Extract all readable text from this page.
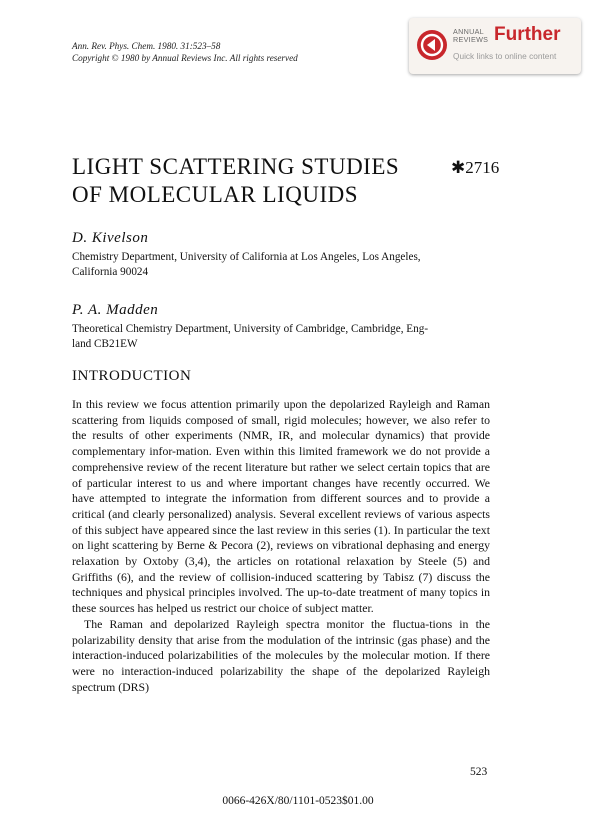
Ann. Rev. Phys. Chem. 1980. 31:523–58
Copyright © 1980 by Annual Reviews Inc. All rights reserved
ANNUAL
REVIEWS Further
Quick links to online content
LIGHT SCATTERING STUDIES
OF MOLECULAR LIQUIDS
✱2716
D. Kivelson
Chemistry Department, University of California at Los Angeles, Los Angeles,
California 90024
P. A. Madden
Theoretical Chemistry Department, University of Cambridge, Cambridge, Eng-
land CB21EW
INTRODUCTION

In this review we focus attention primarily upon the depolarized Rayleigh and Raman scattering from liquids composed of small, rigid molecules; however, we also refer to the results of other experiments (NMR, IR, and molecular dynamics) that provide complementary infor-mation. Even within this limited framework we do not provide a comprehensive review of the recent literature but rather we select certain topics that are of particular interest to us and where important changes have recently occurred. We have attempted to integrate the information from different sources and to provide a critical (and clearly personalized) analysis. Several excellent reviews of various aspects of this subject have appeared since the last review in this series (1). In particular the text on light scattering by Berne & Pecora (2), reviews on vibrational dephasing and energy relaxation by Oxtoby (3,4), the articles on rotational relaxation by Steele (5) and Griffiths (6), and the review of collision-induced scattering by Tabisz (7) discuss the techniques and physical principles involved. The up-to-date treatment of many topics in these sources has helped us restrict our choice of subject matter.

The Raman and depolarized Rayleigh spectra monitor the fluctua-tions in the polarizability density that arise from the modulation of the intrinsic (gas phase) and the interaction-induced polarizabilities of the molecules by the molecular motion. If there were no interaction-induced polarizability the shape of the depolarized Rayleigh spectrum (DRS)

523
0066-426X/80/1101-0523$01.00
